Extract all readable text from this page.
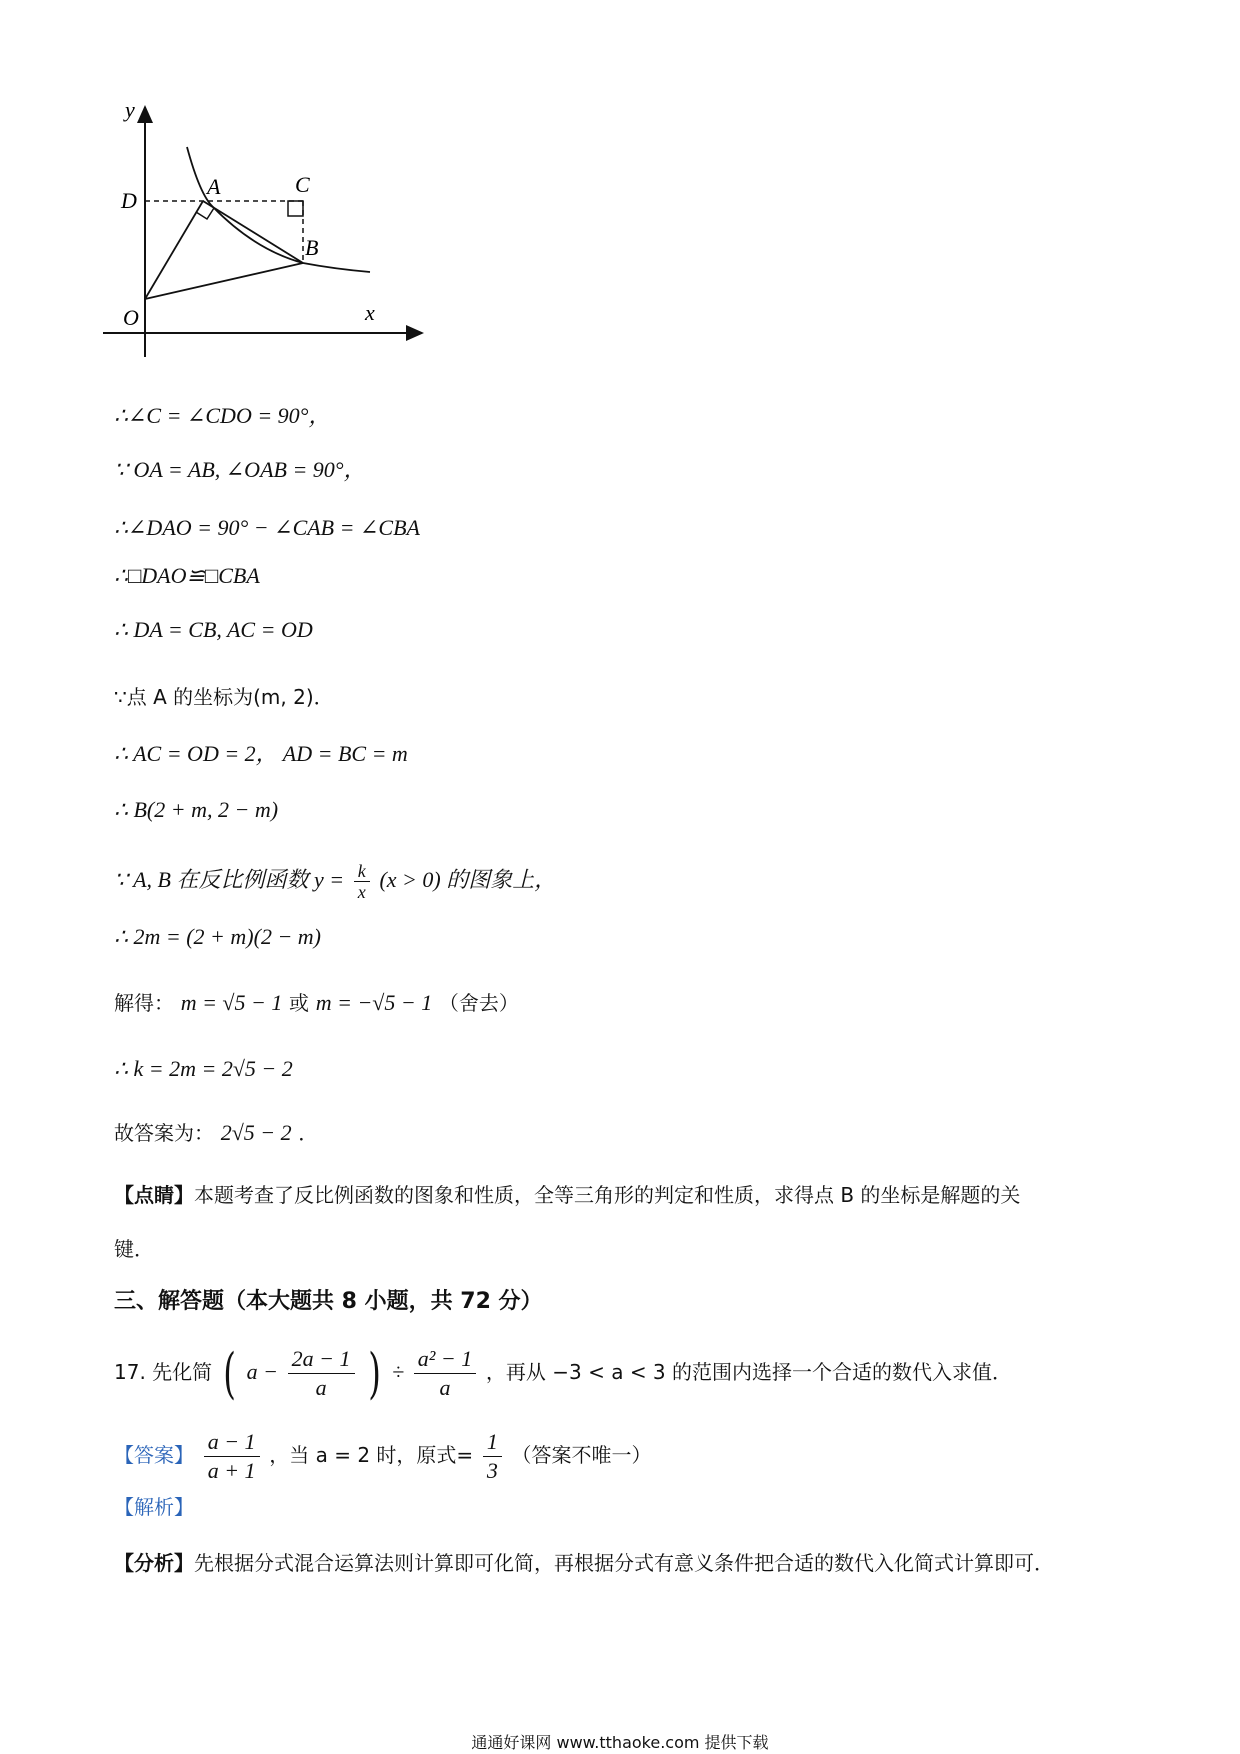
y
x
O
D
A	C
B
∴∠C = ∠CDO = 90°，
∵ OA = AB, ∠OAB = 90°，
∴∠DAO = 90° − ∠CAB = ∠CBA
∴□DAO≌□CBA
∴ DA = CB, AC = OD
∵点 A 的坐标为(m, 2)．
∴ AC = OD = 2， AD = BC = m
∴ B(2 + m, 2 − m)
∵ A, B 在反比例函数 $y = \frac{k}{x} (x > 0)$ 的图象上，
∴ 2m = (2 + m)(2 − m)
解得： m = √5 − 1 或 m = −√5 − 1 （舍去）
∴ k = 2m = 2√5 − 2
故答案为： 2√5 − 2 ．
【点睛】本题考查了反比例函数的图象和性质，全等三角形的判定和性质，求得点 B 的坐标是解题的关
键．
三、解答题（本大题共 8 小题，共 72 分）
17. 先化简 ( $a - \frac{2a - 1}{a}$ ) ÷ $\frac{\text{a² − 1}}{a}$ ，再从 −3 < a < 3 的范围内选择一个合适的数代入求值．
【答案】 $\frac{a - 1}{a + 1}$ ，当 a = 2 时，原式= $\frac{1}{3}$ （答案不唯一）
【解析】
【分析】先根据分式混合运算法则计算即可化简，再根据分式有意义条件把合适的数代入化简式计算即可．
通通好课网 www.tthaoke.com 提供下载
